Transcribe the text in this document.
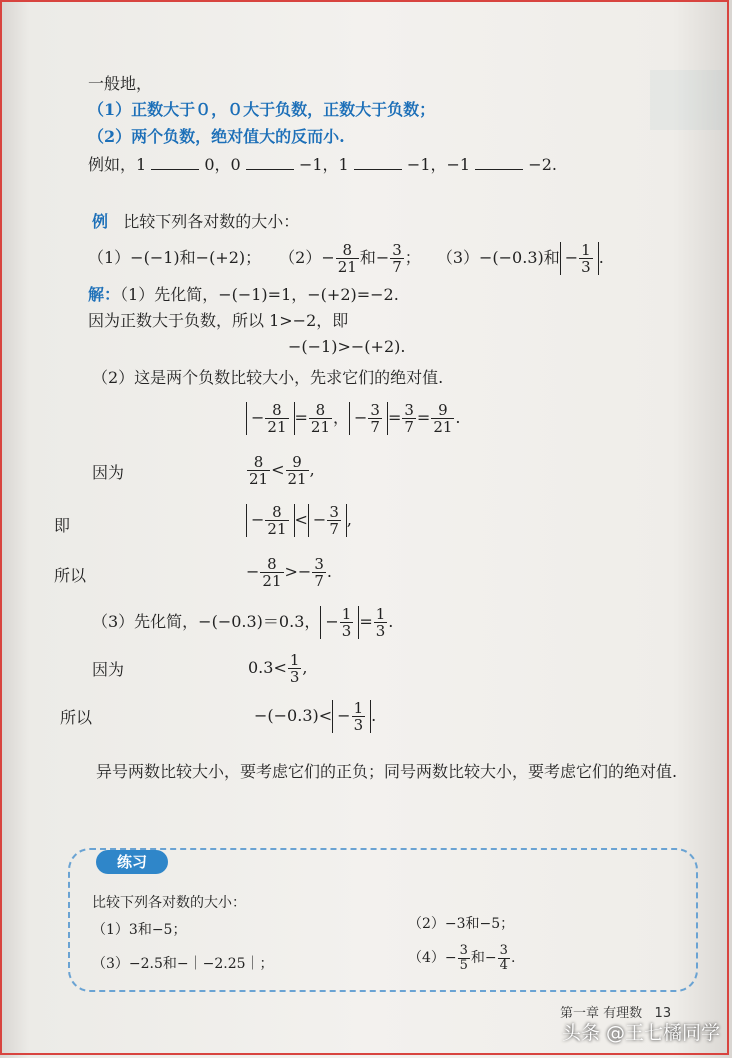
一般地，
（1）正数大于０，０大于负数，正数大于负数；
（2）两个负数，绝对值大的反而小.
例如，1	0，0	−1，1	−1，−1	−2.
例 比较下列各对数的大小：
（1）−(−1)和−(+2)； $(2)- \frac{8}{21}$ 和− $\frac{3}{7}$ ； （3）−(−0.3)和 − $\frac{1}{3}$ .
解：（1）先化简，−(−1)=1，−(+2)=−2.
因为正数大于负数，所以 1>−2，即
−(−1)>−(+2).
（2）这是两个负数比较大小，先求它们的绝对值.
− $\frac{8}{21} = \frac{8}{21}$ ， − $\frac{3}{7} = \frac{3}{7} = \frac{9}{21}$ .
因为	$\frac{8}{21} < \frac{9}{21}$ ,
即	− $\frac{8}{21}$ < − $\frac{3}{7}$ ,
所以	− $\frac{8}{21}$ > − $\frac{3}{7}$ .
（3）先化简，−(−0.3)＝0.3， − $\frac{1}{3} = \frac{1}{3}$ .
因为	$0.3< \frac{1}{3}$ ,
所以	$-(-0.3)< - \frac{1}{3}$ .
异号两数比较大小，要考虑它们的正负；同号两数比较大小，要考虑它们的绝对值.
练习
比较下列各对数的大小：
（1）3和−5；	（2）−3和−5；
（3）−2.5和−｜−2.25｜；	$(4)- \frac{3}{5}$ 和− $\frac{3}{4}$ .
第一章 有理数 13
头条 @王七橘同学
